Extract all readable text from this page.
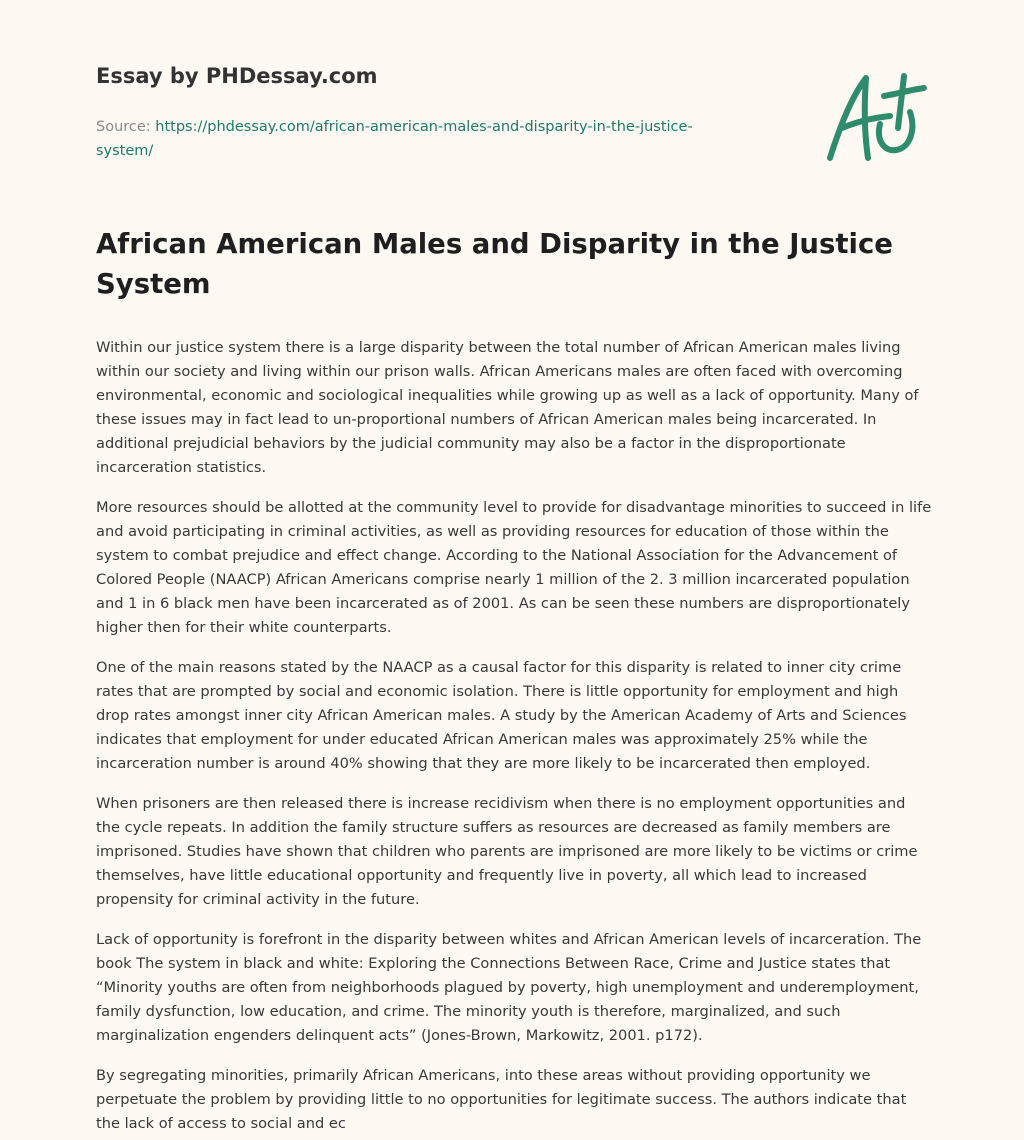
Essay by PHDessay.com
Source: https://phdessay.com/african-american-males-and-disparity-in-the-justice-
system/
African American Males and Disparity in the Justice System

Within our justice system there is a large disparity between the total number of African American males living within our society and living within our prison walls. African Americans males are often faced with overcoming environmental, economic and sociological inequalities while growing up as well as a lack of opportunity. Many of these issues may in fact lead to un-proportional numbers of African American males being incarcerated. In additional prejudicial behaviors by the judicial community may also be a factor in the disproportionate incarceration statistics.

More resources should be allotted at the community level to provide for disadvantage minorities to succeed in life and avoid participating in criminal activities, as well as providing resources for education of those within the system to combat prejudice and effect change. According to the National Association for the Advancement of Colored People (NAACP) African Americans comprise nearly 1 million of the 2. 3 million incarcerated population and 1 in 6 black men have been incarcerated as of 2001. As can be seen these numbers are disproportionately higher then for their white counterparts.

One of the main reasons stated by the NAACP as a causal factor for this disparity is related to inner city crime rates that are prompted by social and economic isolation. There is little opportunity for employment and high drop rates amongst inner city African American males. A study by the American Academy of Arts and Sciences indicates that employment for under educated African American males was approximately 25% while the incarceration number is around 40% showing that they are more likely to be incarcerated then employed.

When prisoners are then released there is increase recidivism when there is no employment opportunities and the cycle repeats. In addition the family structure suffers as resources are decreased as family members are imprisoned. Studies have shown that children who parents are imprisoned are more likely to be victims or crime themselves, have little educational opportunity and frequently live in poverty, all which lead to increased propensity for criminal activity in the future.

Lack of opportunity is forefront in the disparity between whites and African American levels of incarceration. The book The system in black and white: Exploring the Connections Between Race, Crime and Justice states that “Minority youths are often from neighborhoods plagued by poverty, high unemployment and underemployment, family dysfunction, low education, and crime. The minority youth is therefore, marginalized, and such marginalization engenders delinquent acts” (Jones-Brown, Markowitz, 2001. p172).

By segregating minorities, primarily African Americans, into these areas without providing opportunity we perpetuate the problem by providing little to no opportunities for legitimate success. The authors indicate that the lack of access to social and ec
